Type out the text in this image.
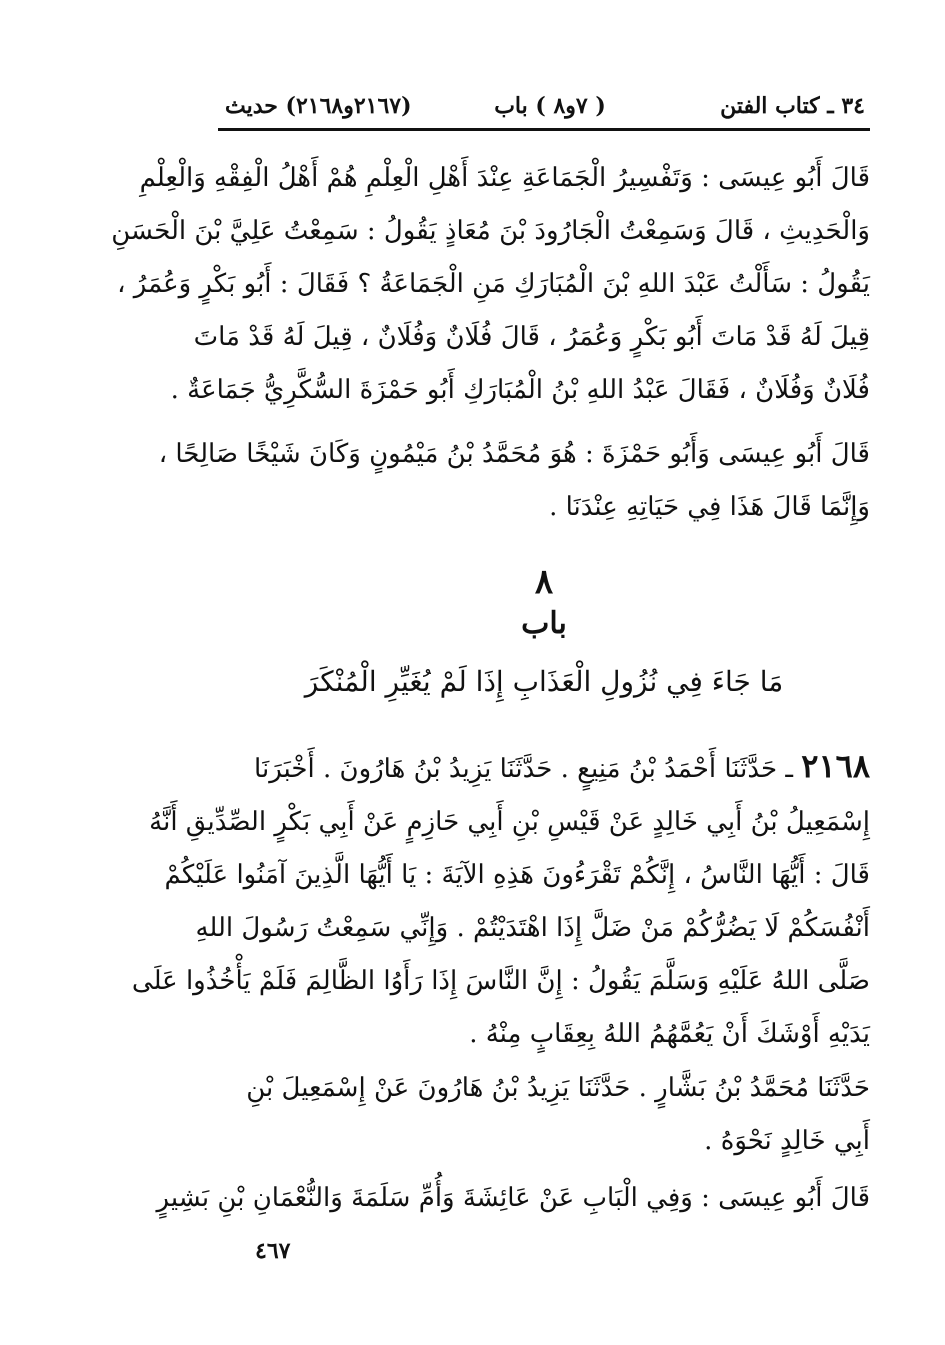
٣٤ ـ كتاب الفتن
( ٧و٨ ) باب
(٢١٦٧و٢١٦٨) حديث
قَالَ أَبُو عِيسَى : وَتَفْسِيرُ الْجَمَاعَةِ عِنْدَ أَهْلِ الْعِلْمِ هُمْ أَهْلُ الْفِقْهِ وَالْعِلْمِ
وَالْحَدِيثِ ، قَالَ وَسَمِعْتُ الْجَارُودَ بْنَ مُعَاذٍ يَقُولُ : سَمِعْتُ عَلِيَّ بْنَ الْحَسَنِ
يَقُولُ : سَأَلْتُ عَبْدَ اللهِ بْنَ الْمُبَارَكِ مَنِ الْجَمَاعَةُ ؟ فَقَالَ : أَبُو بَكْرٍ وَعُمَرُ ،
قِيلَ لَهُ قَدْ مَاتَ أَبُو بَكْرٍ وَعُمَرُ ، قَالَ فُلَانٌ وَفُلَانٌ ، قِيلَ لَهُ قَدْ مَاتَ
فُلَانٌ وَفُلَانٌ ، فَقَالَ عَبْدُ اللهِ بْنُ الْمُبَارَكِ أَبُو حَمْزَةَ السُّكَّرِيُّ جَمَاعَةٌ .
قَالَ أَبُو عِيسَى وَأَبُو حَمْزَةَ : هُوَ مُحَمَّدُ بْنُ مَيْمُونٍ وَكَانَ شَيْخًا صَالِحًا ،
وَإِنَّمَا قَالَ هَذَا فِي حَيَاتِهِ عِنْدَنَا .
٨
باب
مَا جَاءَ فِي نُزُولِ الْعَذَابِ إِذَا لَمْ يُغَيِّرِ الْمُنْكَرَ
٢١٦٨ ـ حَدَّثَنَا أَحْمَدُ بْنُ مَنِيعٍ . حَدَّثَنَا يَزِيدُ بْنُ هَارُونَ . أَخْبَرَنَا
إِسْمَعِيلُ بْنُ أَبِي خَالِدٍ عَنْ قَيْسِ بْنِ أَبِي حَازِمٍ عَنْ أَبِي بَكْرٍ الصِّدِّيقِ أَنَّهُ
قَالَ : أَيُّهَا النَّاسُ ، إِنَّكُمْ تَقْرَءُونَ هَذِهِ الآيَةَ : يَا أَيُّهَا الَّذِينَ آمَنُوا عَلَيْكُمْ
أَنْفُسَكُمْ لَا يَضُرُّكُمْ مَنْ ضَلَّ إِذَا اهْتَدَيْتُمْ . وَإِنِّي سَمِعْتُ رَسُولَ اللهِ
صَلَّى اللهُ عَلَيْهِ وَسَلَّمَ يَقُولُ : إِنَّ النَّاسَ إِذَا رَأَوُا الظَّالِمَ فَلَمْ يَأْخُذُوا عَلَى
يَدَيْهِ أَوْشَكَ أَنْ يَعُمَّهُمُ اللهُ بِعِقَابٍ مِنْهُ .
حَدَّثَنَا مُحَمَّدُ بْنُ بَشَّارٍ . حَدَّثَنَا يَزِيدُ بْنُ هَارُونَ عَنْ إِسْمَعِيلَ بْنِ
أَبِي خَالِدٍ نَحْوَهُ .
قَالَ أَبُو عِيسَى : وَفِي الْبَابِ عَنْ عَائِشَةَ وَأُمِّ سَلَمَةَ وَالنُّعْمَانِ بْنِ بَشِيرٍ
٤٦٧
